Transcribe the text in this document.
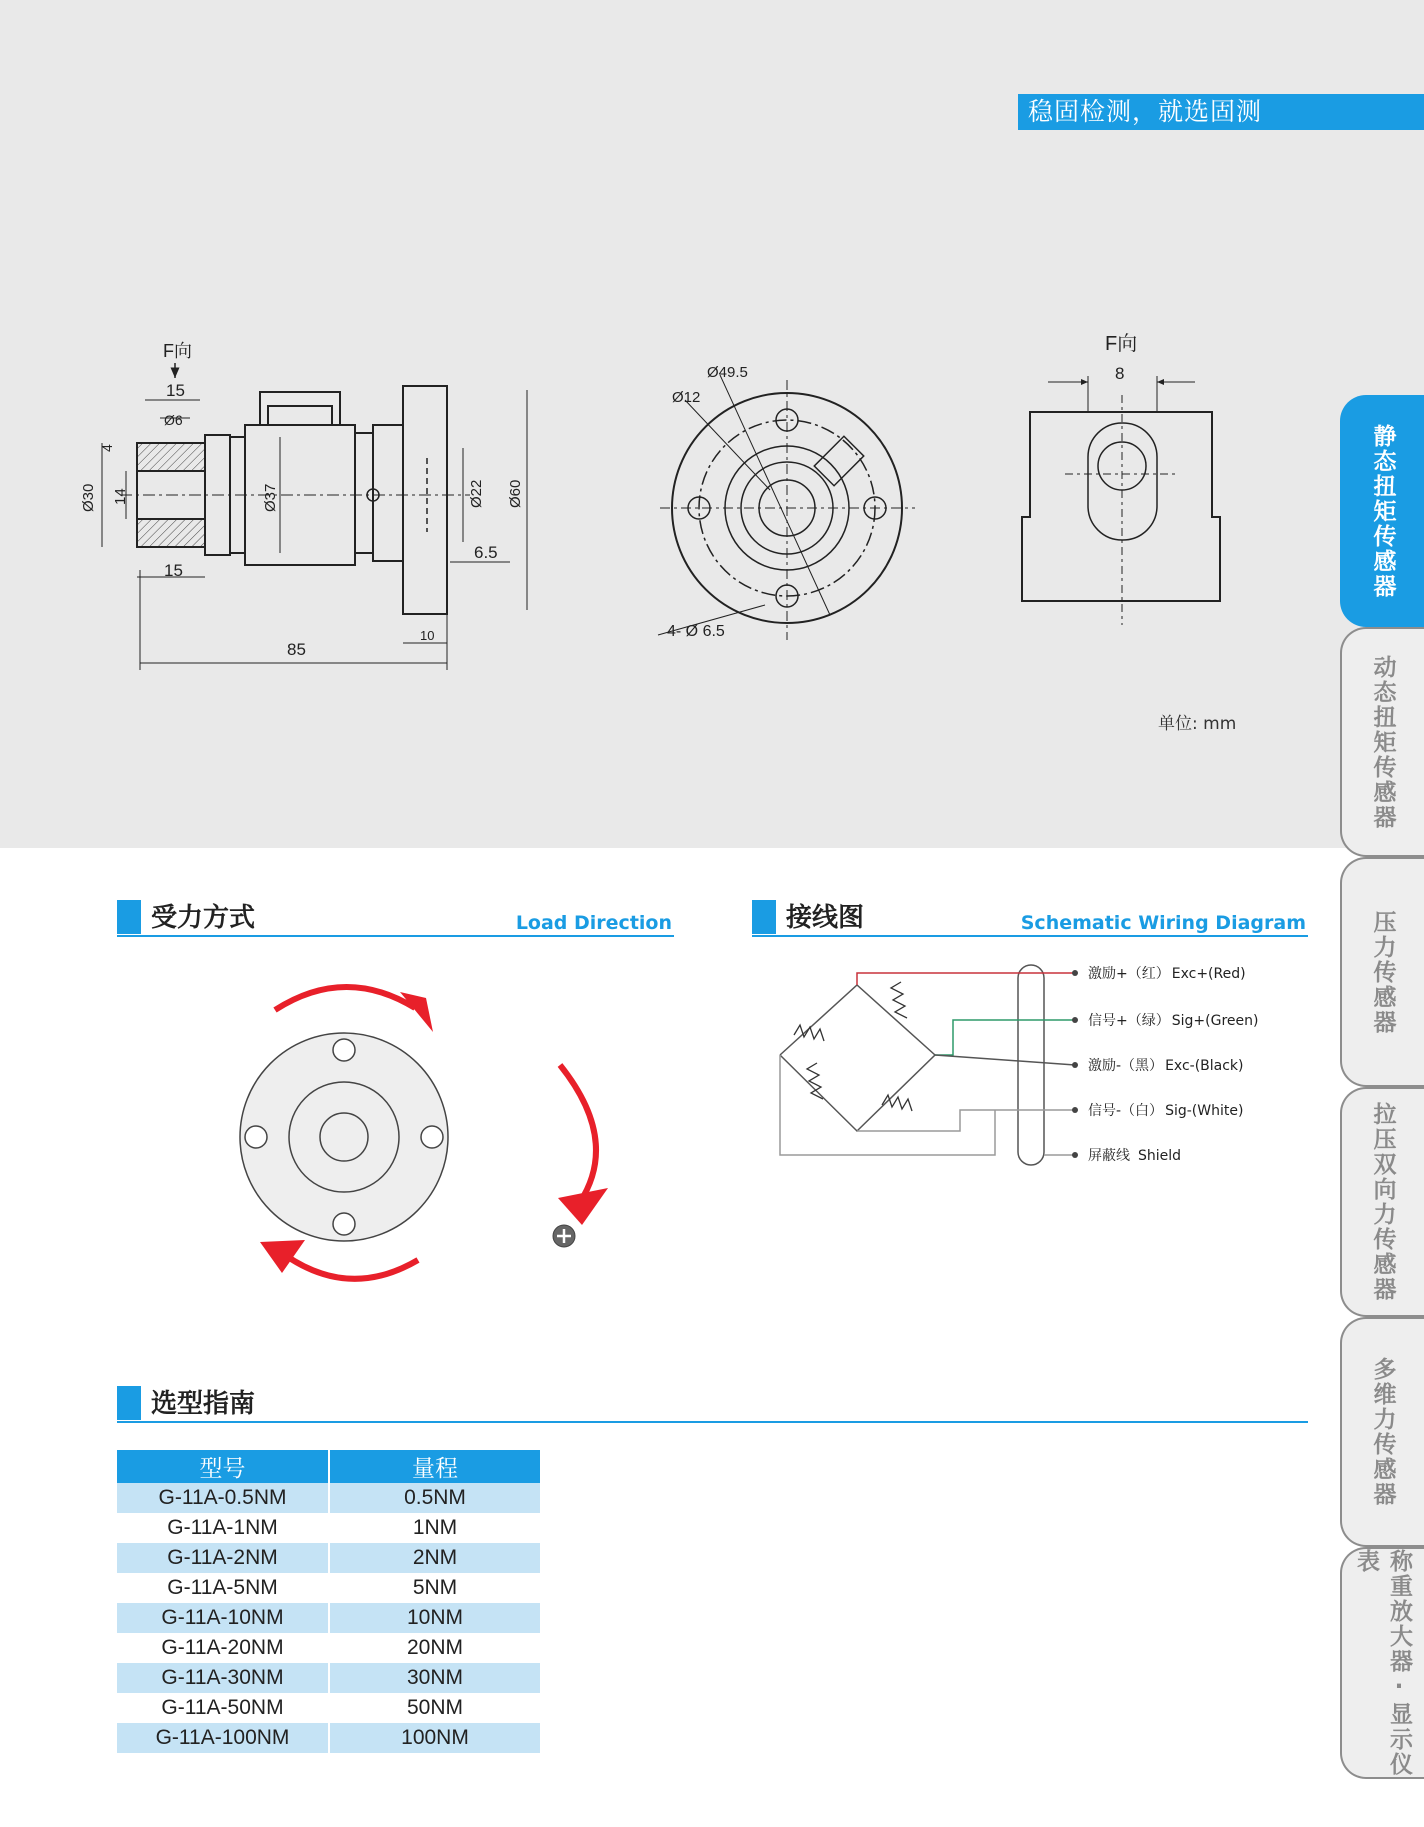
稳固检测，就选固测
F向
15
Ø6
4
Ø30 14	Ø37	Ø22 Ø60
6.5
15
85
10
Ø49.5
Ø12
4- Ø 6.5
F向
8
单位: mm
静态扭矩传感器
动态扭矩传感器
压力传感器
拉压双向力传感器
多维力传感器
称重放大器·显示仪表
受力方式	Load Direction	接线图	Schematic Wiring Diagram
激励+（红） Exc+(Red)
信号+（绿） Sig+(Green)
激励-（黑） Exc-(Black)
信号-（白） Sig-(White)
屏蔽线 Shield
选型指南
型号	量程
G-11A-0.5NM	0.5NM
G-11A-1NM	1NM
G-11A-2NM	2NM
G-11A-5NM	5NM
G-11A-10NM	10NM
G-11A-20NM	20NM
G-11A-30NM	30NM
G-11A-50NM	50NM
G-11A-100NM	100NM
